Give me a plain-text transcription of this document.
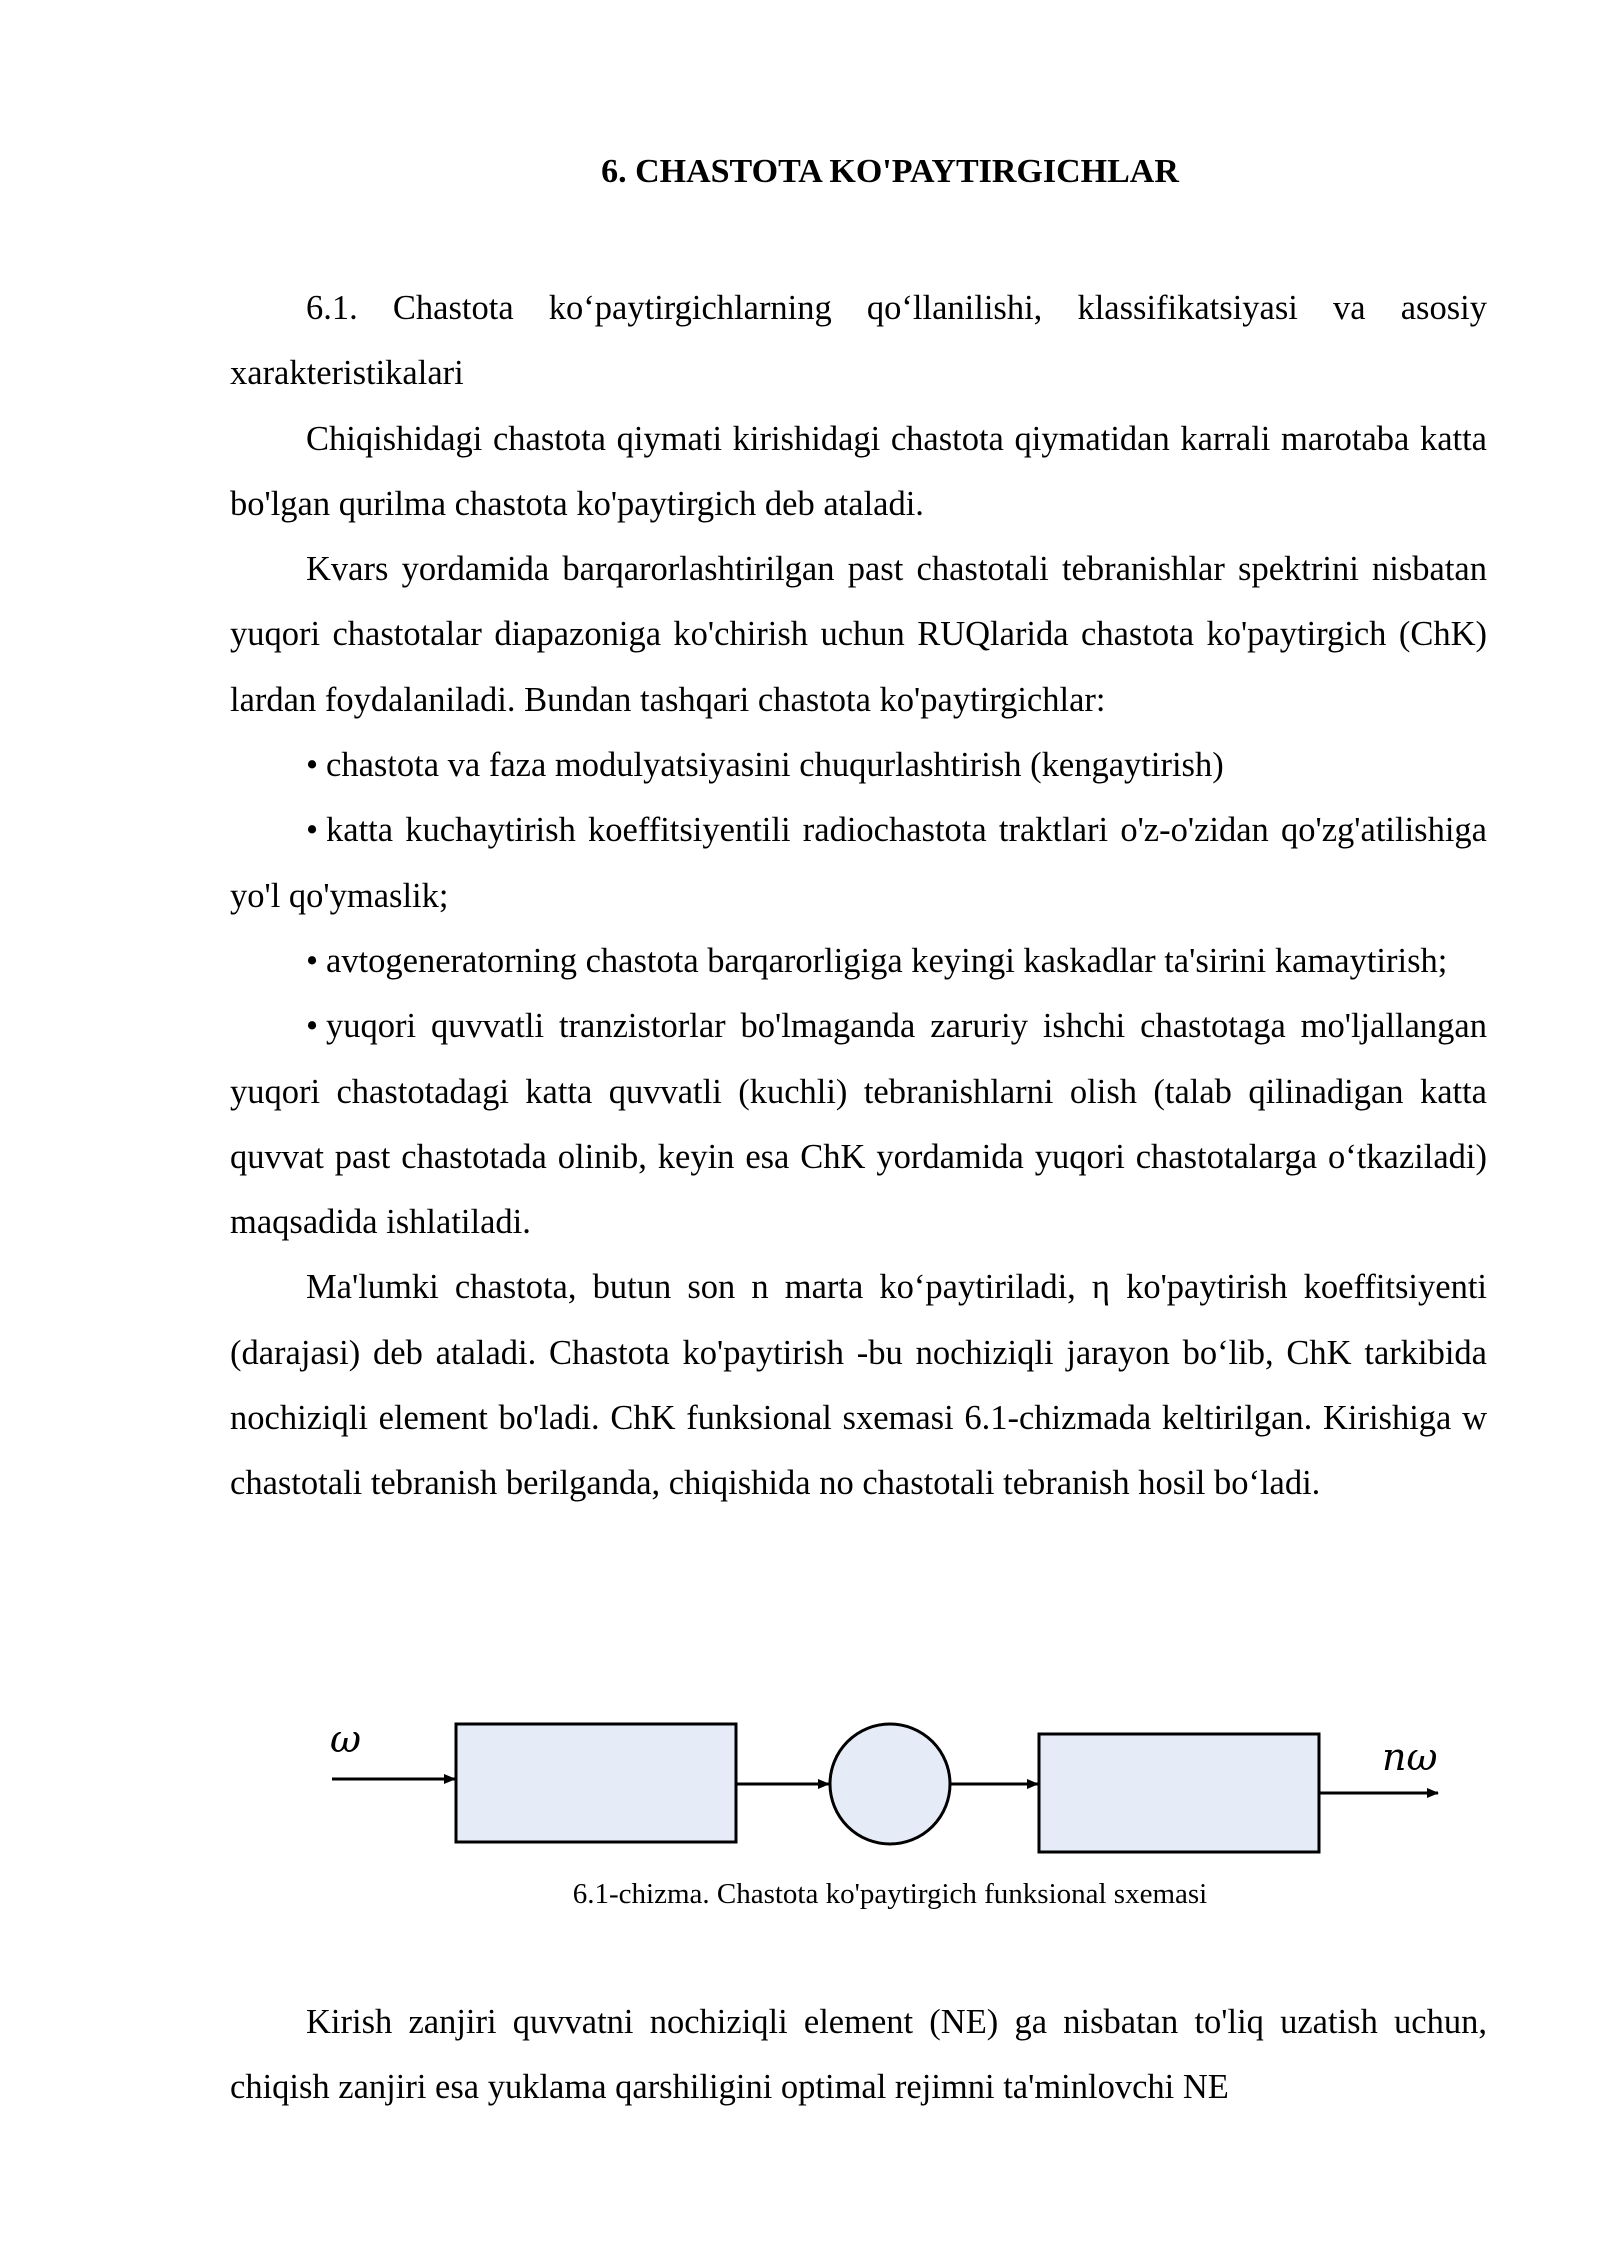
6. CHASTOTA KO'PAYTIRGICHLAR

6.1. Chastota ko‘paytirgichlarning qo‘llanilishi, klassifikatsiyasi va asosiy xarakteristikalari

Chiqishidagi chastota qiymati kirishidagi chastota qiymatidan karrali marotaba katta bo'lgan qurilma chastota ko'paytirgich deb ataladi.

Kvars yordamida barqarorlashtirilgan past chastotali tebranishlar spektrini nisbatan yuqori chastotalar diapazoniga ko'chirish uchun RUQlarida chastota ko'paytirgich (ChK) lardan foydalaniladi. Bundan tashqari chastota ko'paytirgichlar:

• chastota va faza modulyatsiyasini chuqurlashtirish (kengaytirish)

• katta kuchaytirish koeffitsiyentili radiochastota traktlari o'z-o'zidan qo'zg'atilishiga yo'l qo'ymaslik;

• avtogeneratorning chastota barqarorligiga keyingi kaskadlar ta'sirini kamaytirish;

• yuqori quvvatli tranzistorlar bo'lmaganda zaruriy ishchi chastotaga mo'ljallangan yuqori chastotadagi katta quvvatli (kuchli) tebranishlarni olish (talab qilinadigan katta quvvat past chastotada olinib, keyin esa ChK yordamida yuqori chastotalarga o‘tkaziladi) maqsadida ishlatiladi.

Ma'lumki chastota, butun son n marta ko‘paytiriladi, η ko'paytirish koeffitsiyenti (darajasi) deb ataladi. Chastota ko'paytirish -bu nochiziqli jarayon bo‘lib, ChK tarkibida nochiziqli element bo'ladi. ChK funksional sxemasi 6.1-chizmada keltirilgan. Kirishiga w chastotali tebranish berilganda, chiqishida no chastotali tebranish hosil bo‘ladi.

ω	nω
6.1-chizma. Chastota ko'paytirgich funksional sxemasi

Kirish zanjiri quvvatni nochiziqli element (NE) ga nisbatan to'liq uzatish uchun, chiqish zanjiri esa yuklama qarshiligini optimal rejimni ta'minlovchi NE
